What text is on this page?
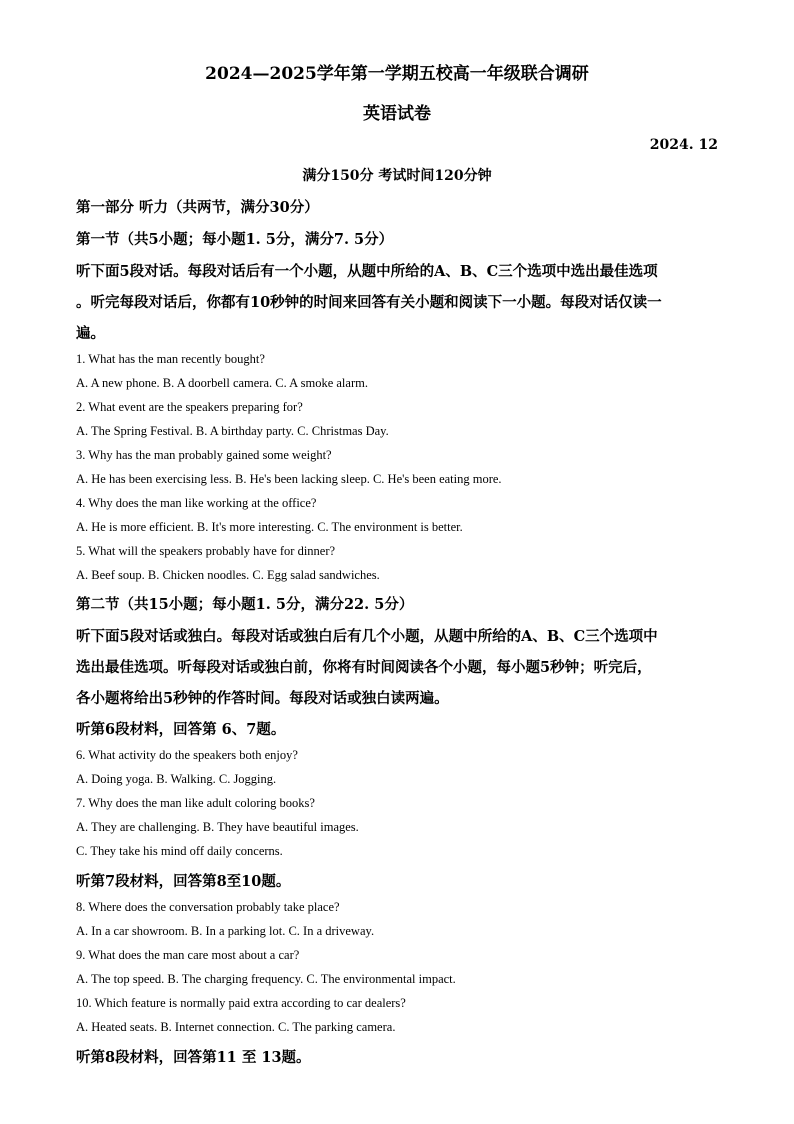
2024—2025学年第一学期五校高一年级联合调研
英语试卷
2024. 12
满分150分 考试时间120分钟
第一部分 听力（共两节，满分30分）
第一节（共5小题；每小题1. 5分，满分7. 5分）
听下面5段对话。每段对话后有一个小题，从题中所给的A、B、C三个选项中选出最佳选项
。听完每段对话后，你都有10秒钟的时间来回答有关小题和阅读下一小题。每段对话仅读一
遍。
1. What has the man recently bought?
A. A new phone. B. A doorbell camera. C. A smoke alarm.
2. What event are the speakers preparing for?
A. The Spring Festival. B. A birthday party. C. Christmas Day.
3. Why has the man probably gained some weight?
A. He has been exercising less. B. He's been lacking sleep. C. He's been eating more.
4. Why does the man like working at the office?
A. He is more efficient. B. It's more interesting. C. The environment is better.
5. What will the speakers probably have for dinner?
A. Beef soup. B. Chicken noodles. C. Egg salad sandwiches.
第二节（共15小题；每小题1. 5分，满分22. 5分）
听下面5段对话或独白。每段对话或独白后有几个小题，从题中所给的A、B、C三个选项中
选出最佳选项。听每段对话或独白前，你将有时间阅读各个小题，每小题5秒钟；听完后，
各小题将给出5秒钟的作答时间。每段对话或独白读两遍。
听第6段材料，回答第 6、7题。
6. What activity do the speakers both enjoy?
A. Doing yoga. B. Walking. C. Jogging.
7. Why does the man like adult coloring books?
A. They are challenging. B. They have beautiful images.
C. They take his mind off daily concerns.
听第7段材料，回答第8至10题。
8. Where does the conversation probably take place?
A. In a car showroom. B. In a parking lot. C. In a driveway.
9. What does the man care most about a car?
A. The top speed. B. The charging frequency. C. The environmental impact.
10. Which feature is normally paid extra according to car dealers?
A. Heated seats. B. Internet connection. C. The parking camera.
听第8段材料，回答第11 至 13题。
